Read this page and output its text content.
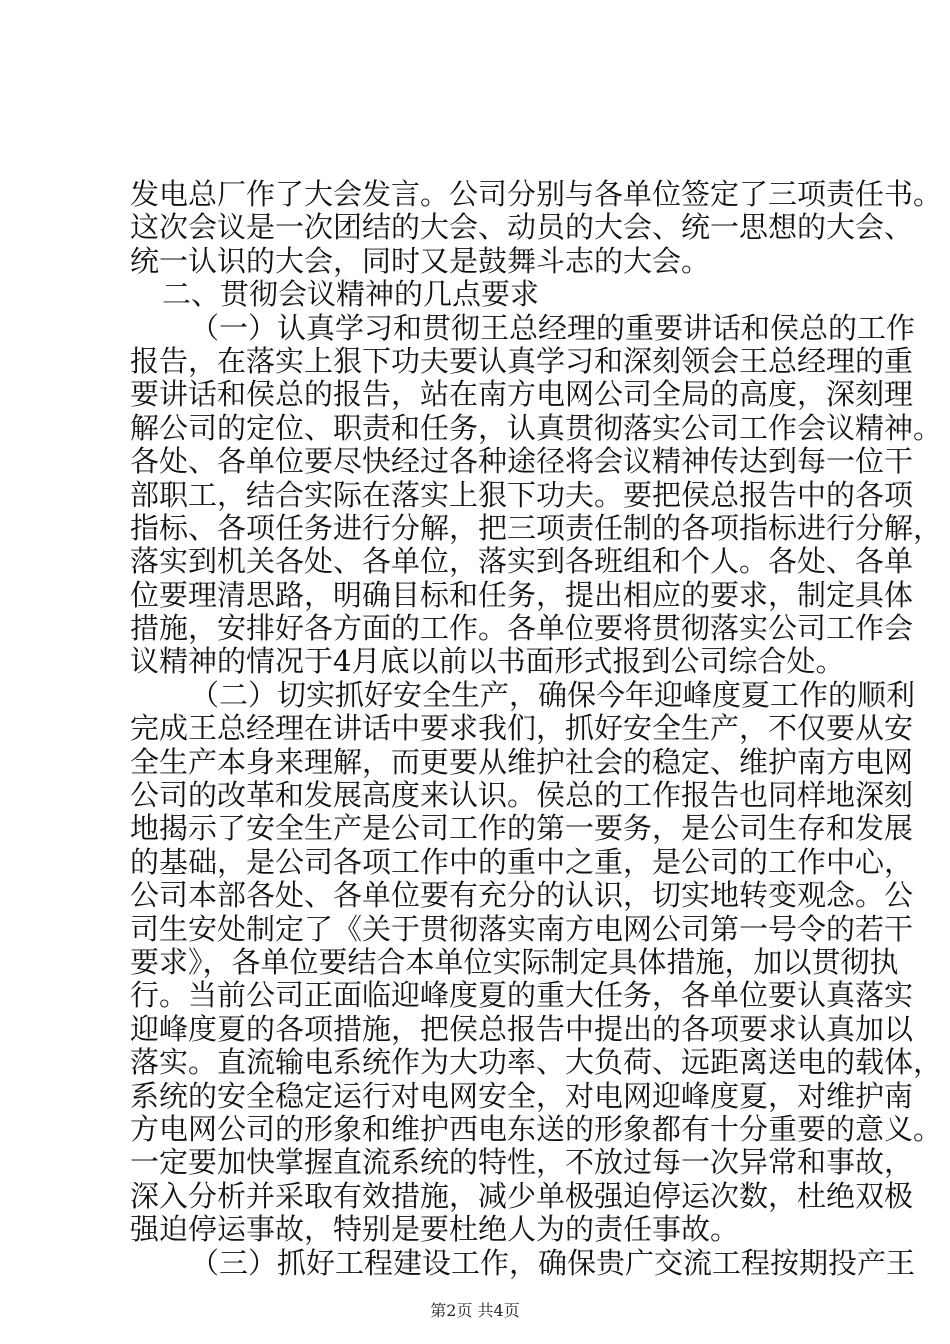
发电总厂作了大会发言。公司分别与各单位签定了三项责任书。
这次会议是一次团结的大会、动员的大会、统一思想的大会、
统一认识的大会，同时又是鼓舞斗志的大会。
二、贯彻会议精神的几点要求
（一）认真学习和贯彻王总经理的重要讲话和侯总的工作
报告，在落实上狠下功夫要认真学习和深刻领会王总经理的重
要讲话和侯总的报告，站在南方电网公司全局的高度，深刻理
解公司的定位、职责和任务，认真贯彻落实公司工作会议精神。
各处、各单位要尽快经过各种途径将会议精神传达到每一位干
部职工，结合实际在落实上狠下功夫。要把侯总报告中的各项
指标、各项任务进行分解，把三项责任制的各项指标进行分解，
落实到机关各处、各单位，落实到各班组和个人。各处、各单
位要理清思路，明确目标和任务，提出相应的要求，制定具体
措施，安排好各方面的工作。各单位要将贯彻落实公司工作会
议精神的情况于4月底以前以书面形式报到公司综合处。
（二）切实抓好安全生产，确保今年迎峰度夏工作的顺利
完成王总经理在讲话中要求我们，抓好安全生产，不仅要从安
全生产本身来理解，而更要从维护社会的稳定、维护南方电网
公司的改革和发展高度来认识。侯总的工作报告也同样地深刻
地揭示了安全生产是公司工作的第一要务，是公司生存和发展
的基础，是公司各项工作中的重中之重，是公司的工作中心，
公司本部各处、各单位要有充分的认识，切实地转变观念。公
司生安处制定了《关于贯彻落实南方电网公司第一号令的若干
要求》，各单位要结合本单位实际制定具体措施，加以贯彻执
行。当前公司正面临迎峰度夏的重大任务，各单位要认真落实
迎峰度夏的各项措施，把侯总报告中提出的各项要求认真加以
落实。直流输电系统作为大功率、大负荷、远距离送电的载体，
系统的安全稳定运行对电网安全，对电网迎峰度夏，对维护南
方电网公司的形象和维护西电东送的形象都有十分重要的意义。
一定要加快掌握直流系统的特性，不放过每一次异常和事故，
深入分析并采取有效措施，减少单极强迫停运次数，杜绝双极
强迫停运事故，特别是要杜绝人为的责任事故。
（三）抓好工程建设工作，确保贵广交流工程按期投产王
第2页 共4页
